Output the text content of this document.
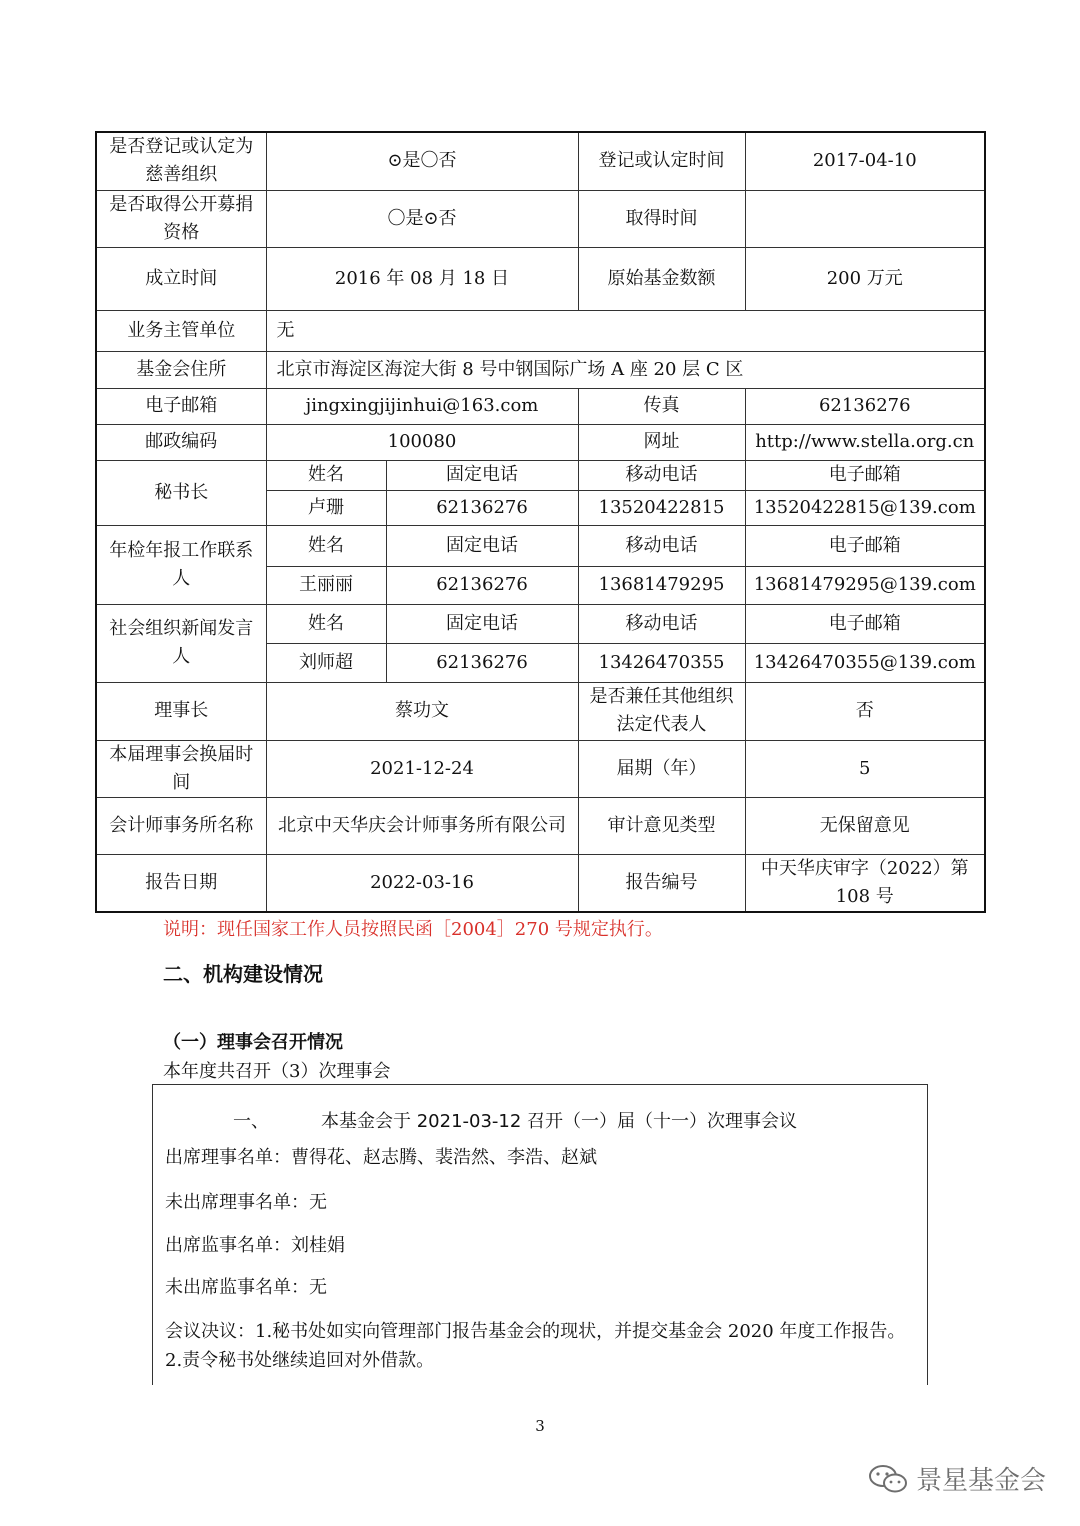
是否登记或认定为慈善组织	⊙是〇否		登记或认定时间	2017-04-10
是否取得公开募捐资格	〇是⊙否		取得时间	
成立时间	2016 年 08 月 18 日		原始基金数额	200 万元
业务主管单位	无			
基金会住所	北京市海淀区海淀大街 8 号中钢国际广场 A 座 20 层 C 区			
电子邮箱	jingxingjijinhui@163.com		传真	62136276
邮政编码	100080		网址	http://www.stella.org.cn
秘书长	姓名	固定电话	移动电话	电子邮箱
	卢珊	62136276	13520422815	13520422815@139.com
年检年报工作联系人	姓名	固定电话	移动电话	电子邮箱
	王丽丽	62136276	13681479295	13681479295@139.com
社会组织新闻发言人	姓名	固定电话	移动电话	电子邮箱
	刘师超	62136276	13426470355	13426470355@139.com
理事长	蔡功文		是否兼任其他组织法定代表人	否
本届理事会换届时间	2021-12-24		届期（年）	5
会计师事务所名称	北京中天华庆会计师事务所有限公司		审计意见类型	无保留意见
报告日期	2022-03-16		报告编号	中天华庆审字（2022）第 108 号
说明：现任国家工作人员按照民函［2004］270 号规定执行。
二、机构建设情况
（一）理事会召开情况
本年度共召开（3）次理事会
一、	本基金会于 2021-03-12 召开（一）届（十一）次理事会议
出席理事名单：曹得花、赵志腾、裴浩然、李浩、赵斌
未出席理事名单：无
出席监事名单：刘桂娟
未出席监事名单：无
会议决议：1.秘书处如实向管理部门报告基金会的现状，并提交基金会 2020 年度工作报告。 2.责令秘书处继续追回对外借款。
3
景星基金会
